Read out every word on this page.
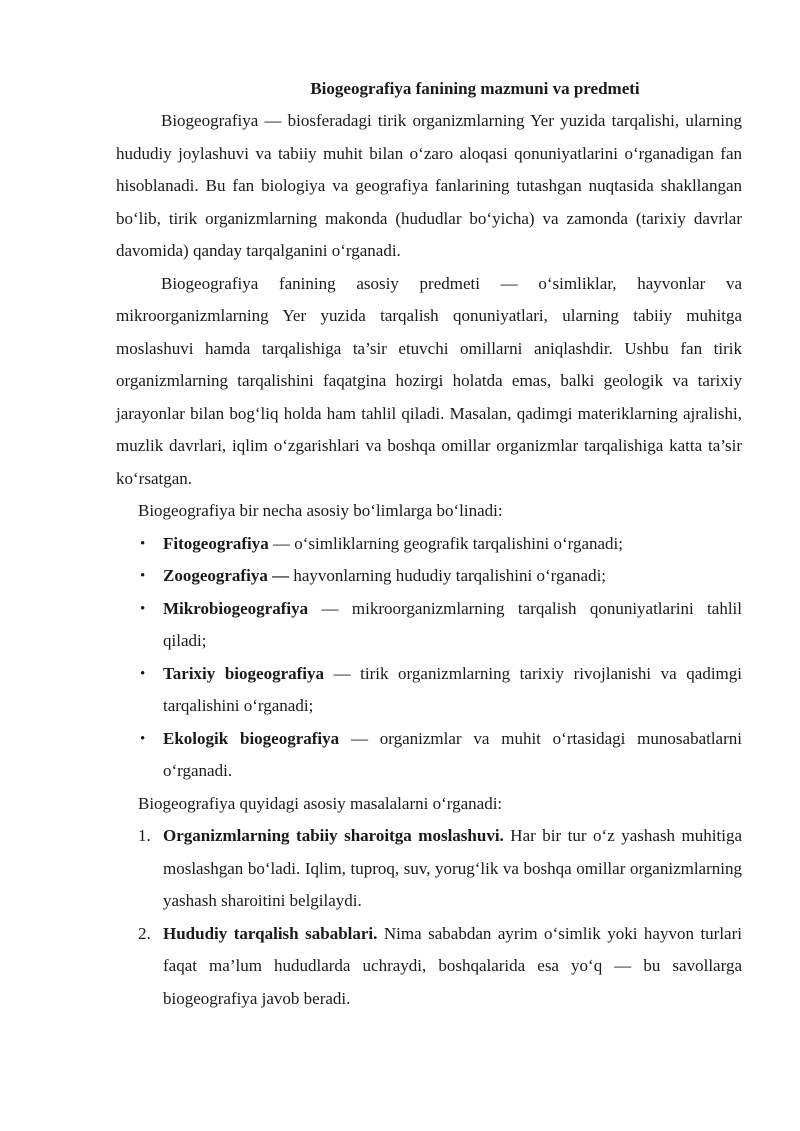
Biogeografiya fanining mazmuni va predmeti

Biogeografiya — biosferadagi tirik organizmlarning Yer yuzida tarqalishi, ularning hududiy joylashuvi va tabiiy muhit bilan o‘zaro aloqasi qonuniyatlarini o‘rganadigan fan hisoblanadi. Bu fan biologiya va geografiya fanlarining tutashgan nuqtasida shakllangan bo‘lib, tirik organizmlarning makonda (hududlar bo‘yicha) va zamonda (tarixiy davrlar davomida) qanday tarqalganini o‘rganadi.

Biogeografiya fanining asosiy predmeti — o‘simliklar, hayvonlar va mikroorganizmlarning Yer yuzida tarqalish qonuniyatlari, ularning tabiiy muhitga moslashuvi hamda tarqalishiga ta’sir etuvchi omillarni aniqlashdir. Ushbu fan tirik organizmlarning tarqalishini faqatgina hozirgi holatda emas, balki geologik va tarixiy jarayonlar bilan bog‘liq holda ham tahlil qiladi. Masalan, qadimgi materiklarning ajralishi, muzlik davrlari, iqlim o‘zgarishlari va boshqa omillar organizmlar tarqalishiga katta ta’sir ko‘rsatgan.

Biogeografiya bir necha asosiy bo‘limlarga bo‘linadi:

• Fitogeografiya — o‘simliklarning geografik tarqalishini o‘rganadi;
• Zoogeografiya — hayvonlarning hududiy tarqalishini o‘rganadi;
• Mikrobiogeografiya — mikroorganizmlarning tarqalish qonuniyatlarini tahlil qiladi;
• Tarixiy biogeografiya — tirik organizmlarning tarixiy rivojlanishi va qadimgi tarqalishini o‘rganadi;
• Ekologik biogeografiya — organizmlar va muhit o‘rtasidagi munosabatlarni o‘rganadi.

Biogeografiya quyidagi asosiy masalalarni o‘rganadi:

1. Organizmlarning tabiiy sharoitga moslashuvi. Har bir tur o‘z yashash muhitiga moslashgan bo‘ladi. Iqlim, tuproq, suv, yorug‘lik va boshqa omillar organizmlarning yashash sharoitini belgilaydi.
2. Hududiy tarqalish sabablari. Nima sababdan ayrim o‘simlik yoki hayvon turlari faqat ma’lum hududlarda uchraydi, boshqalarida esa yo‘q — bu savollarga biogeografiya javob beradi.
